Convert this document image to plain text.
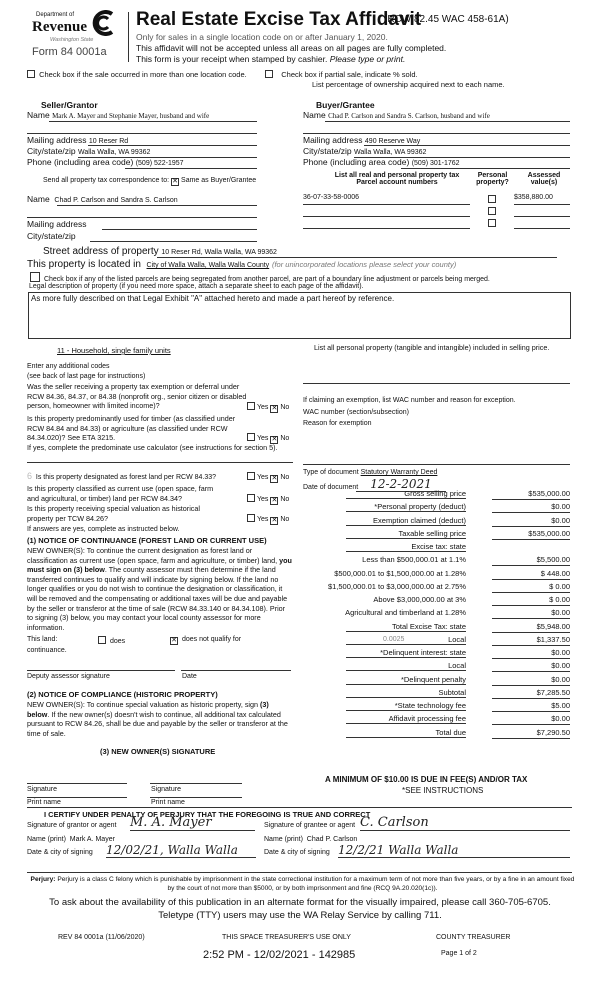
Department of
Revenue
Washington State
Form 84 0001a
Real Estate Excise Tax Affidavit
(RCW 82.45 WAC 458-61A)
Only for sales in a single location code on or after January 1, 2020.
This affidavit will not be accepted unless all areas on all pages are fully completed.
This form is your receipt when stamped by cashier. Please type or print.
Check box if the sale occurred in more than one location code.	Check box if partial sale, indicate % sold.
List percentage of ownership acquired next to each name.
Seller/Grantor
Name Mark A. Mayer and Stephanie Mayer, husband and wife
Mailing address 10 Reser Rd
City/state/zip Walla Walla, WA 99362
Phone (including area code) (509) 522-1957
Buyer/Grantee
Name Chad P. Carlson and Sandra S. Carlson, husband and wife
Mailing address 490 Reserve Way
City/state/zip Walla Walla, WA 99362
Phone (including area code) (509) 301-1762
Send all property tax correspondence to: ✕ Same as Buyer/Grantee
Name Chad P. Carlson and Sandra S. Carlson
Mailing address
City/state/zip
List all real and personal property tax
Parcel account numbers
Personal
property?
Assessed
value(s)
36-07-33-58-0006	$358,880.00
Street address of property 10 Reser Rd, Walla Walla, WA 99362
This property is located in City of Walla Walla, Walla Walla County (for unincorporated locations please select your county)
Check box if any of the listed parcels are being segregated from another parcel, are part of a boundary line adjustment or parcels being merged.
Legal description of property (if you need more space, attach a separate sheet to each page of the affidavit).
As more fully described on that Legal Exhibit "A" attached hereto and made a part hereof by reference.
11 - Household, single family units
Enter any additional codes
(see back of last page for instructions)
Was the seller receiving a property tax exemption or deferral under RCW 84.36, 84.37, or 84.38 (nonprofit org., senior citizen or disabled person, homeowner with limited income)?	Yes ✕ No
Is this property predominantly used for timber (as classified under RCW 84.84 and 84.33) or agriculture (as classified under RCW 84.34.020)? See ETA 3215.	Yes ✕ No
If yes, complete the predominate use calculator (see instructions for section 5).
6 Is this property designated as forest land per RCW 84.33?	Yes ✕ No
Is this property classified as current use (open space, farm and agricultural, or timber) land per RCW 84.34?	Yes ✕ No
Is this property receiving special valuation as historical property per TCW 84.26?	Yes ✕ No
If answers are yes, complete as instructed below.
(1) NOTICE OF CONTINUANCE (FOREST LAND OR CURRENT USE)
NEW OWNER(S): To continue the current designation as forest land or classification as current use (open space, farm and agriculture, or timber) land, you must sign on (3) below. The county assessor must then determine if the land transferred continues to qualify and will indicate by signing below. If the land no longer qualifies or you do not wish to continue the designation or classification, it will be removed and the compensating or additional taxes will be due and payable by the seller or transferor at the time of sale (RCW 84.33.140 or 84.34.108). Prior to signing (3) below, you may contact your local county assessor for more information.
This land:	does	✕ does not qualify for
continuance.
Deputy assessor signature	Date
(2) NOTICE OF COMPLIANCE (HISTORIC PROPERTY)
NEW OWNER(S): To continue special valuation as historic property, sign (3) below. If the new owner(s) doesn't wish to continue, all additional tax calculated pursuant to RCW 84.26, shall be due and payable by the seller or transferor at the time of sale.
(3) NEW OWNER(S) SIGNATURE
Signature	Signature
Print name	Print name
List all personal property (tangible and intangible) included in selling price.
If claiming an exemption, list WAC number and reason for exception.
WAC number (section/subsection)
Reason for exemption
Type of document Statutory Warranty Deed
Date of document 12-2-2021
Gross selling price	$535,000.00
*Personal property (deduct)	$0.00
Exemption claimed (deduct)	$0.00
Taxable selling price	$535,000.00
Excise tax: state
Less than $500,000.01 at 1.1%	$5,500.00
$500,000.01 to $1,500,000.00 at 1.28%	$ 448.00
$1,500,000.01 to $3,000,000.00 at 2.75%	$ 0.00
Above $3,000,000.00 at 3%	$ 0.00
Agricultural and timberland at 1.28%	$0.00
Total Excise Tax: state	$5,948.00
Local	$1,337.50
*Delinquent interest: state	$0.00
Local	$0.00
*Delinquent penalty	$0.00
Subtotal	$7,285.50
*State technology fee	$5.00
Affidavit processing fee	$0.00
Total due	$7,290.50
0.0025
A MINIMUM OF $10.00 IS DUE IN FEE(S) AND/OR TAX
*SEE INSTRUCTIONS
I CERTIFY UNDER PENALTY OF PERJURY THAT THE FOREGOING IS TRUE AND CORRECT
Signature of grantor or agent M. A. Mayer
Name (print) Mark A. Mayer
Date & city of signing 12/02/21, Walla Walla
Signature of grantee or agent C. Carlson
Name (print) Chad P. Carlson
Date & city of signing 12/2/21 Walla Walla
Perjury: Perjury is a class C felony which is punishable by imprisonment in the state correctional institution for a maximum term of not more than five years, or by a fine in an amount fixed by the court of not more than $5000, or by both imprisonment and fine (RCQ 9A.20.020(1c)).
To ask about the availability of this publication in an alternate format for the visually impaired, please call 360-705-6705.
Teletype (TTY) users may use the WA Relay Service by calling 711.
REV 84 0001a (11/06/2020)	THIS SPACE TREASURER'S USE ONLY	COUNTY TREASURER
2:52 PM - 12/02/2021 - 142985	Page 1 of 2
